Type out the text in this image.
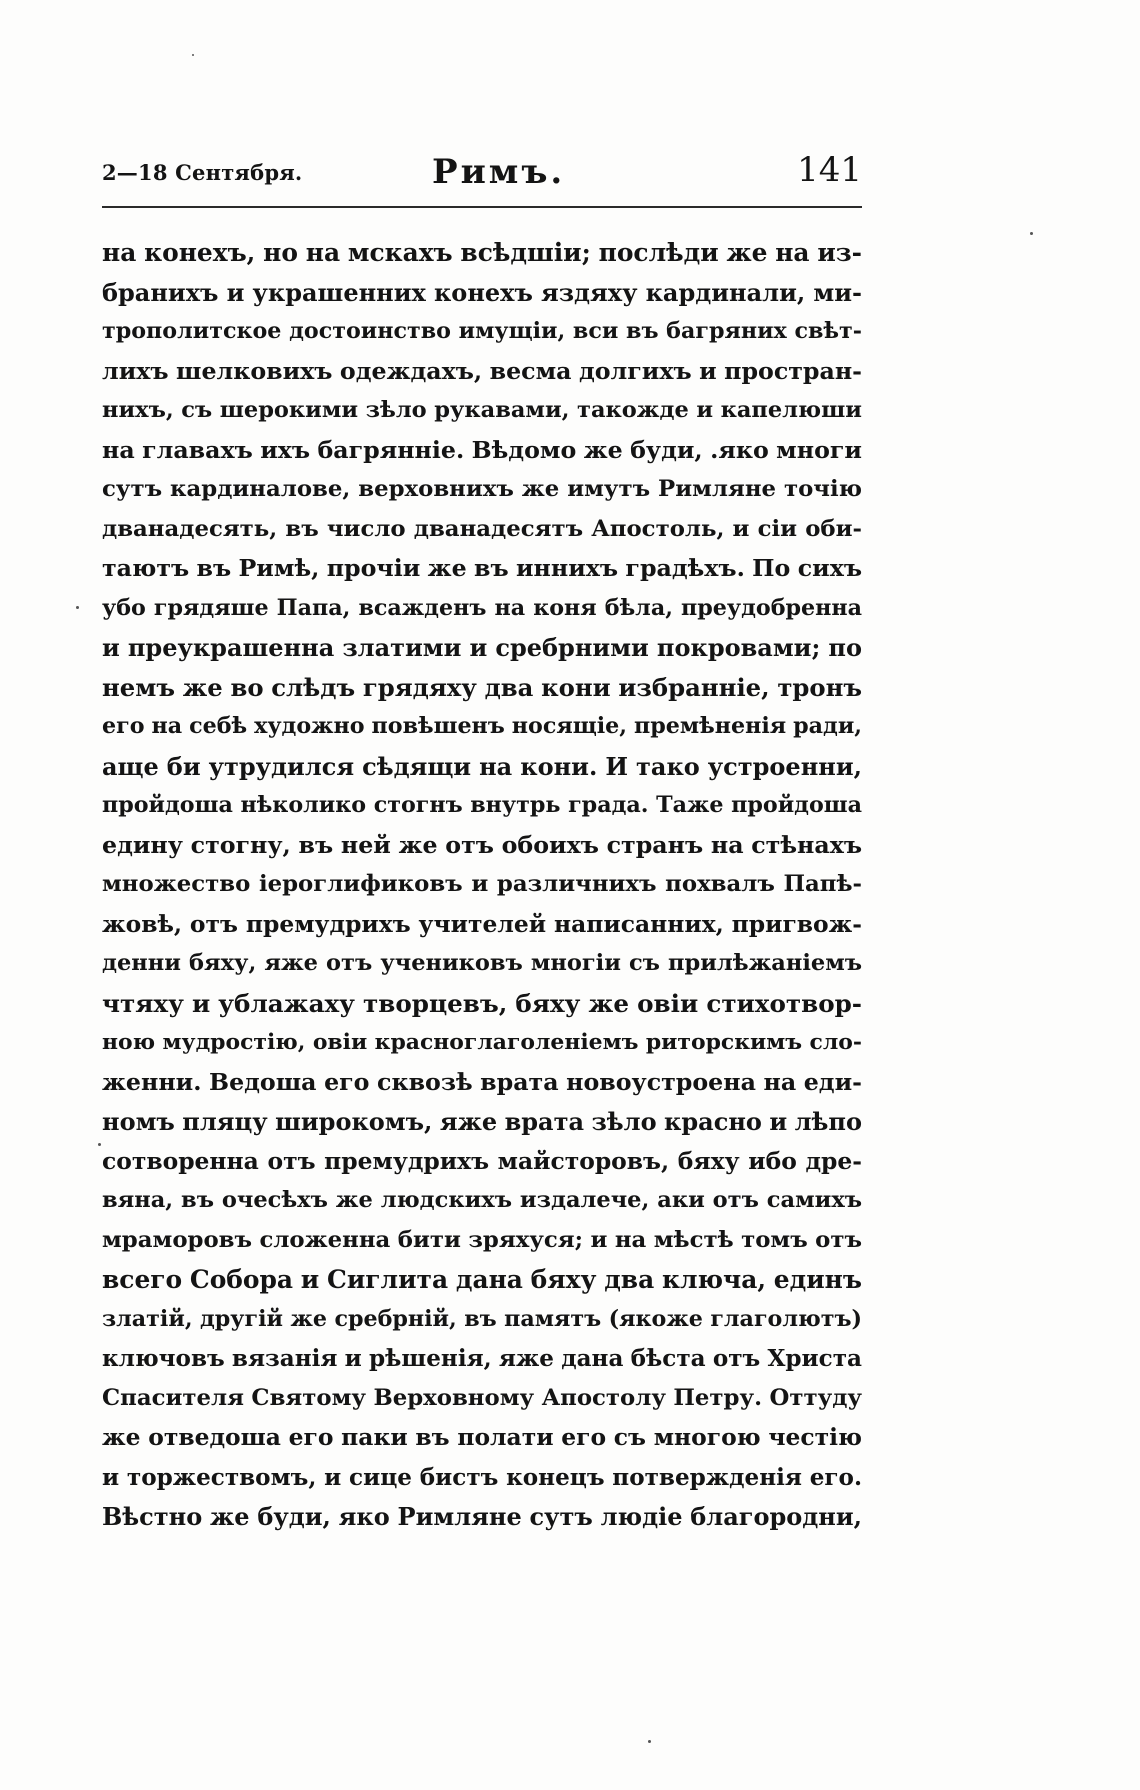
2—18 Сентября.	Римъ.	141
на конехъ, но на мскахъ вcѣдшіи; послѣди же на из-
бранихъ и украшенних конехъ яздяху кардинали, ми-
трополитское достоинство имущіи, вси въ багряних свѣт-
лихъ шелковихъ одеждахъ, весма долгихъ и простран-
нихъ, съ шерокими зѣло рукавами, такожде и капелюши
на главахъ ихъ багрянніе. Вѣдомо же буди, .яко многи
сутъ кардиналове, верховнихъ же имутъ Римляне точію
дванадесять, въ число дванадесятъ Апостоль, и сіи оби-
таютъ въ Римѣ, прочіи же въ иннихъ градѣхъ. По сихъ
убо грядяше Папа, всажденъ на коня бѣла, преудобренна
и преукрашенна златими и сребрними покровами; по
немъ же во слѣдъ грядяху два кони избранніе, тронъ
его на себѣ художно повѣшенъ носящіе, премѣненія ради,
аще би утрудился сѣдящи на кони. И тако устроенни,
пройдоша нѣколико стогнъ внутрь града. Таже пройдоша
едину стогну, въ ней же отъ обоихъ странъ на стѣнахъ
множество іероглификовъ и различнихъ похвалъ Папѣ-
жовѣ, отъ премудрихъ учителей написанних, пригвож-
денни бяху, яже отъ учениковъ многіи съ прилѣжаніемъ
чтяху и ублажаху творцевъ, бяху же овіи стихотвор-
ною мудростію, овіи красноглаголеніемъ риторскимъ сло-
женни. Ведоша его сквозѣ врата новоустроена на еди-
номъ пляцу широкомъ, яже врата зѣло красно и лѣпо
сотворенна отъ премудрихъ майсторовъ, бяху ибо дре-
вяна, въ очесѣхъ же людскихъ издалече, аки отъ самихъ
мраморовъ сложенна бити зряхуся; и на мѣстѣ томъ отъ
всего Собора и Сиглита дана бяху два ключа, единъ
златій, другій же сребрній, въ памятъ (якоже глаголютъ)
ключовъ вязанія и рѣшенія, яже дана бѣста отъ Христа
Спасителя Святому Верховному Апостолу Петру. Оттуду
же отведоша его паки въ полати его съ многою честію
и торжествомъ, и сице бистъ конецъ потвержденія его.
Вѣстно же буди, яко Римляне сутъ людіе благородни,
